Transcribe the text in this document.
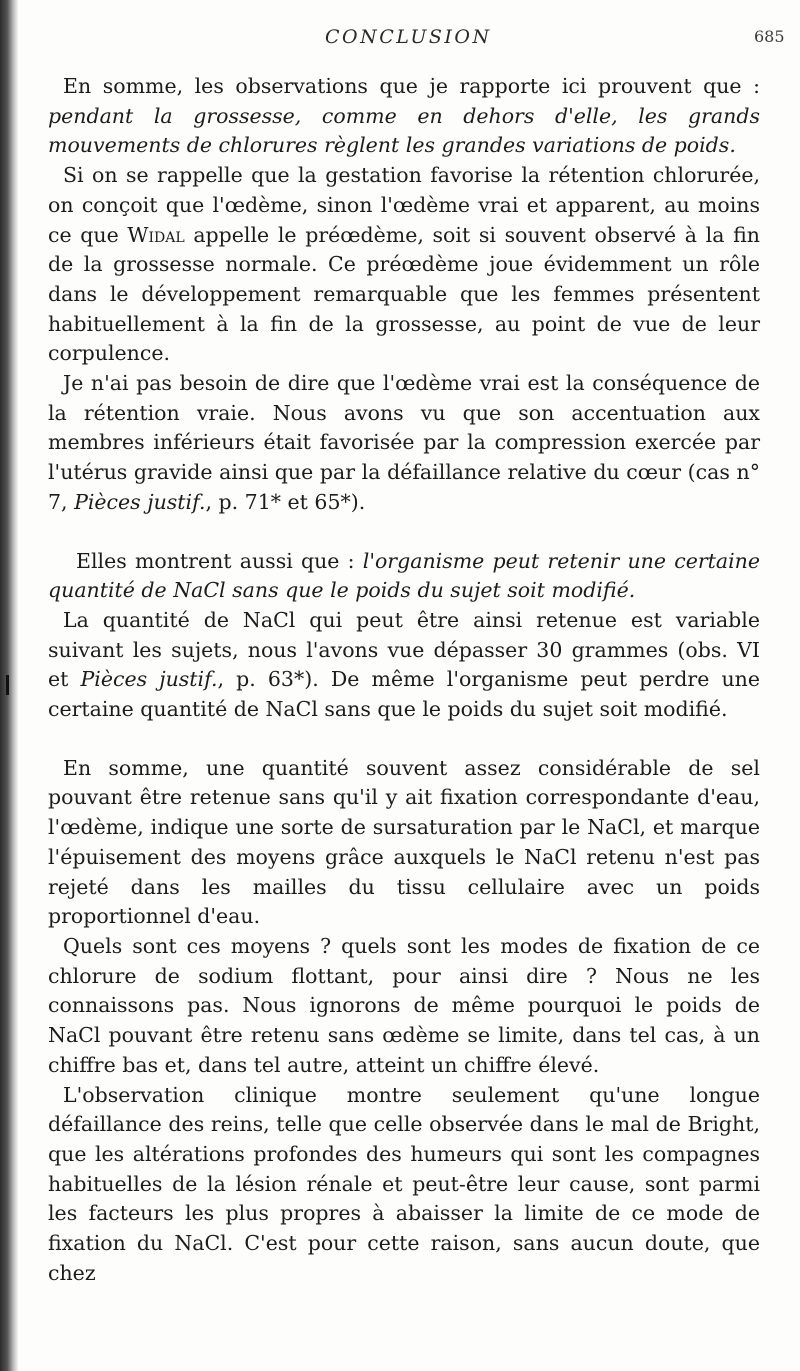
CONCLUSION	685

En somme, les observations que je rapporte ici prouvent que : pendant la grossesse, comme en dehors d'elle, les grands mouvements de chlorures règlent les grandes variations de poids.

Si on se rappelle que la gestation favorise la rétention chlorurée, on conçoit que l'œdème, sinon l'œdème vrai et apparent, au moins ce que Widal appelle le préœdème, soit si souvent observé à la fin de la grossesse normale. Ce préœdème joue évidemment un rôle dans le développement remarquable que les femmes présentent habituellement à la fin de la grossesse, au point de vue de leur corpulence.

Je n'ai pas besoin de dire que l'œdème vrai est la conséquence de la rétention vraie. Nous avons vu que son accentuation aux membres inférieurs était favorisée par la compression exercée par l'utérus gravide ainsi que par la défaillance relative du cœur (cas n° 7, Pièces justif., p. 71* et 65*).

Elles montrent aussi que : l'organisme peut retenir une certaine quantité de NaCl sans que le poids du sujet soit modifié.

La quantité de NaCl qui peut être ainsi retenue est variable suivant les sujets, nous l'avons vue dépasser 30 grammes (obs. VI et Pièces justif., p. 63*). De même l'organisme peut perdre une certaine quantité de NaCl sans que le poids du sujet soit modifié.

En somme, une quantité souvent assez considérable de sel pouvant être retenue sans qu'il y ait fixation correspondante d'eau, l'œdème, indique une sorte de sursaturation par le NaCl, et marque l'épuisement des moyens grâce auxquels le NaCl retenu n'est pas rejeté dans les mailles du tissu cellulaire avec un poids proportionnel d'eau.

Quels sont ces moyens ? quels sont les modes de fixation de ce chlorure de sodium flottant, pour ainsi dire ? Nous ne les connaissons pas. Nous ignorons de même pourquoi le poids de NaCl pouvant être retenu sans œdème se limite, dans tel cas, à un chiffre bas et, dans tel autre, atteint un chiffre élevé.

L'observation clinique montre seulement qu'une longue défaillance des reins, telle que celle observée dans le mal de Bright, que les altérations profondes des humeurs qui sont les compagnes habituelles de la lésion rénale et peut-être leur cause, sont parmi les facteurs les plus propres à abaisser la limite de ce mode de fixation du NaCl. C'est pour cette raison, sans aucun doute, que chez
